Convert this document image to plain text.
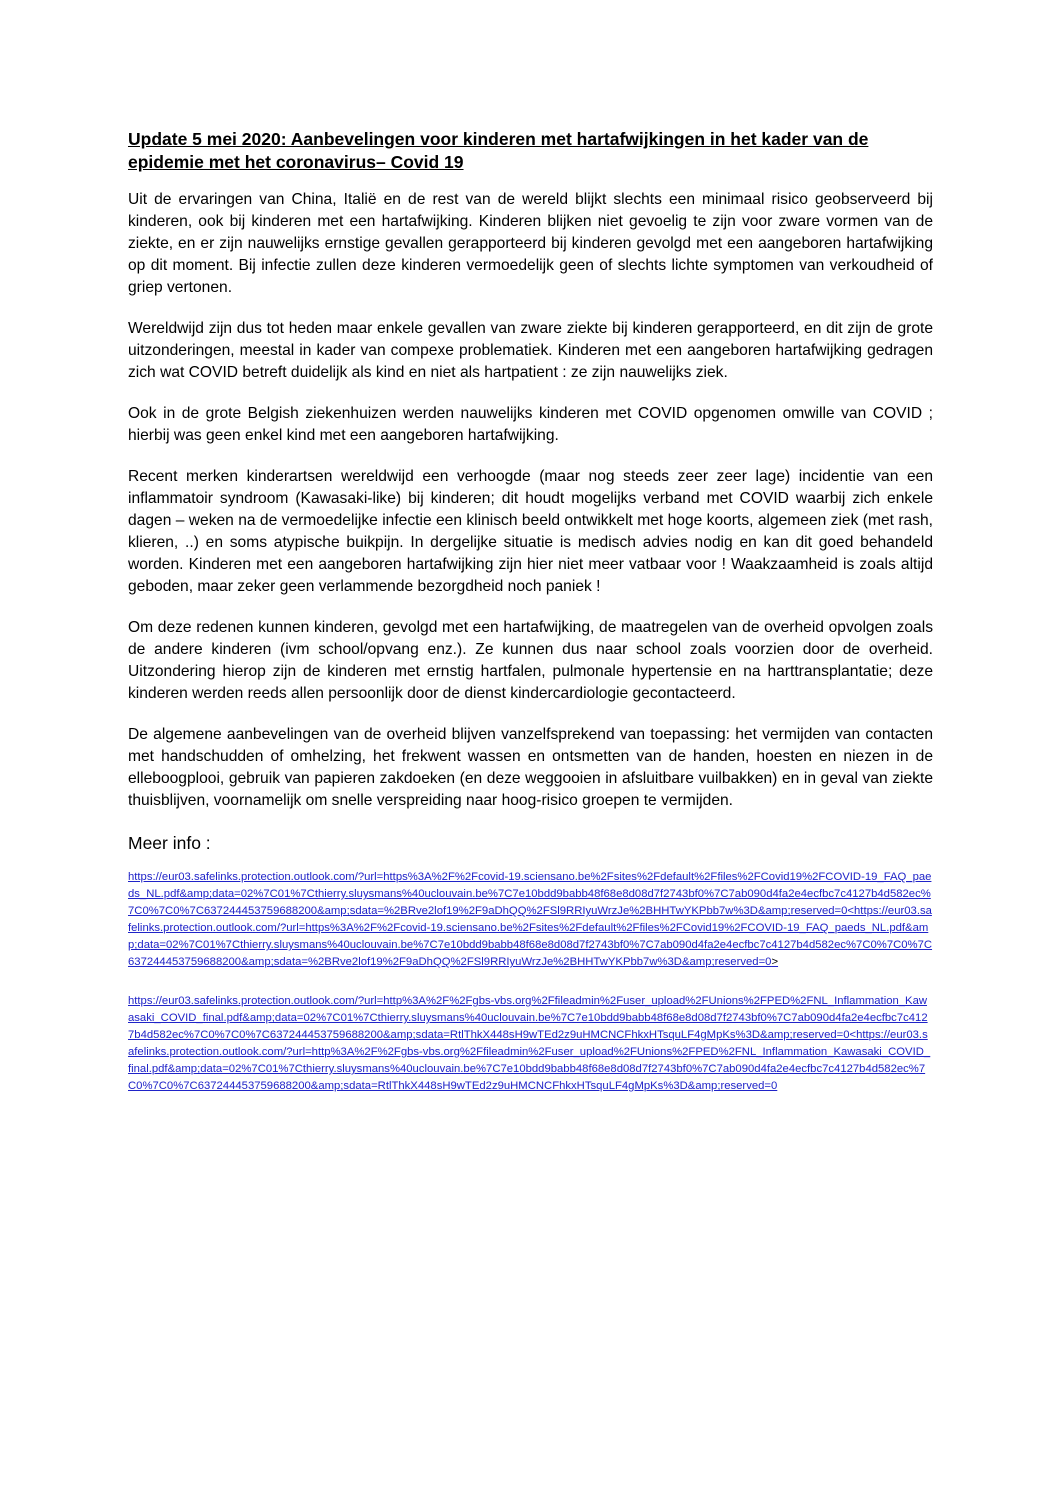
Update 5 mei 2020: Aanbevelingen voor kinderen met hartafwijkingen in het kader van de epidemie met het coronavirus– Covid 19

Uit de ervaringen van China, Italië en de rest van de wereld blijkt slechts een minimaal risico geobserveerd bij kinderen, ook bij kinderen met een hartafwijking. Kinderen blijken niet gevoelig te zijn voor zware vormen van de ziekte, en er zijn nauwelijks ernstige gevallen gerapporteerd bij kinderen gevolgd met een aangeboren hartafwijking op dit moment. Bij infectie zullen deze kinderen vermoedelijk geen of slechts lichte symptomen van verkoudheid of griep vertonen.

Wereldwijd zijn dus tot heden maar enkele gevallen van zware ziekte bij kinderen gerapporteerd, en dit zijn de grote uitzonderingen, meestal in kader van compexe problematiek. Kinderen met een aangeboren hartafwijking gedragen zich wat COVID betreft duidelijk als kind en niet als hartpatient : ze zijn nauwelijks ziek.

Ook in de grote Belgish ziekenhuizen werden nauwelijks kinderen met COVID opgenomen omwille van COVID ; hierbij was geen enkel kind met een aangeboren hartafwijking.

Recent merken kinderartsen wereldwijd een verhoogde (maar nog steeds zeer zeer lage) incidentie van een inflammatoir syndroom (Kawasaki-like) bij kinderen; dit houdt mogelijks verband met COVID waarbij zich enkele dagen – weken na de vermoedelijke infectie een klinisch beeld ontwikkelt met hoge koorts, algemeen ziek (met rash, klieren, ..) en soms atypische buikpijn. In dergelijke situatie is medisch advies nodig en kan dit goed behandeld worden. Kinderen met een aangeboren hartafwijking zijn hier niet meer vatbaar voor ! Waakzaamheid is zoals altijd geboden, maar zeker geen verlammende bezorgdheid noch paniek !

Om deze redenen kunnen kinderen, gevolgd met een hartafwijking, de maatregelen van de overheid opvolgen zoals de andere kinderen (ivm school/opvang enz.). Ze kunnen dus naar school zoals voorzien door de overheid. Uitzondering hierop zijn de kinderen met ernstig hartfalen, pulmonale hypertensie en na harttransplantatie; deze kinderen werden reeds allen persoonlijk door de dienst kindercardiologie gecontacteerd.

De algemene aanbevelingen van de overheid blijven vanzelfsprekend van toepassing: het vermijden van contacten met handschudden of omhelzing, het frekwent wassen en ontsmetten van de handen, hoesten en niezen in de elleboogplooi, gebruik van papieren zakdoeken (en deze weggooien in afsluitbare vuilbakken) en in geval van ziekte thuisblijven, voornamelijk om snelle verspreiding naar hoog-risico groepen te vermijden.

Meer info :
https://eur03.safelinks.protection.outlook.com/?url=https%3A%2F%2Fcovid-19.sciensano.be%2Fsites%2Fdefault%2Ffiles%2FCovid19%2FCOVID-19_FAQ_paeds_NL.pdf&amp;data=02%7C01%7Cthierry.sluysmans%40uclouvain.be%7C7e10bdd9babb48f68e8d08d7f2743bf0%7C7ab090d4fa2e4ecfbc7c4127b4d582ec%7C0%7C0%7C637244453759688200&amp;sdata=%2BRve2lof19%2F9aDhQQ%2FSl9RRIyuWrzJe%2BHHTwYKPbb7w%3D&amp;reserved=0<https://eur03.safelinks.protection.outlook.com/?url=https%3A%2F%2Fcovid-19.sciensano.be%2Fsites%2Fdefault%2Ffiles%2FCovid19%2FCOVID-19_FAQ_paeds_NL.pdf&amp;data=02%7C01%7Cthierry.sluysmans%40uclouvain.be%7C7e10bdd9babb48f68e8d08d7f2743bf0%7C7ab090d4fa2e4ecfbc7c4127b4d582ec%7C0%7C0%7C637244453759688200&amp;sdata=%2BRve2lof19%2F9aDhQQ%2FSl9RRIyuWrzJe%2BHHTwYKPbb7w%3D&amp;reserved=0>
https://eur03.safelinks.protection.outlook.com/?url=http%3A%2F%2Fgbs-vbs.org%2Ffileadmin%2Fuser_upload%2FUnions%2FPED%2FNL_Inflammation_Kawasaki_COVID_final.pdf&amp;data=02%7C01%7Cthierry.sluysmans%40uclouvain.be%7C7e10bdd9babb48f68e8d08d7f2743bf0%7C7ab090d4fa2e4ecfbc7c4127b4d582ec%7C0%7C0%7C637244453759688200&amp;sdata=RtlThkX448sH9wTEd2z9uHMCNCFhkxHTsquLF4gMpKs%3D&amp;reserved=0<https://eur03.safelinks.protection.outlook.com/?url=http%3A%2F%2Fgbs-vbs.org%2Ffileadmin%2Fuser_upload%2FUnions%2FPED%2FNL_Inflammation_Kawasaki_COVID_final.pdf&amp;data=02%7C01%7Cthierry.sluysmans%40uclouvain.be%7C7e10bdd9babb48f68e8d08d7f2743bf0%7C7ab090d4fa2e4ecfbc7c4127b4d582ec%7C0%7C0%7C637244453759688200&amp;sdata=RtlThkX448sH9wTEd2z9uHMCNCFhkxHTsquLF4gMpKs%3D&amp;reserved=0
